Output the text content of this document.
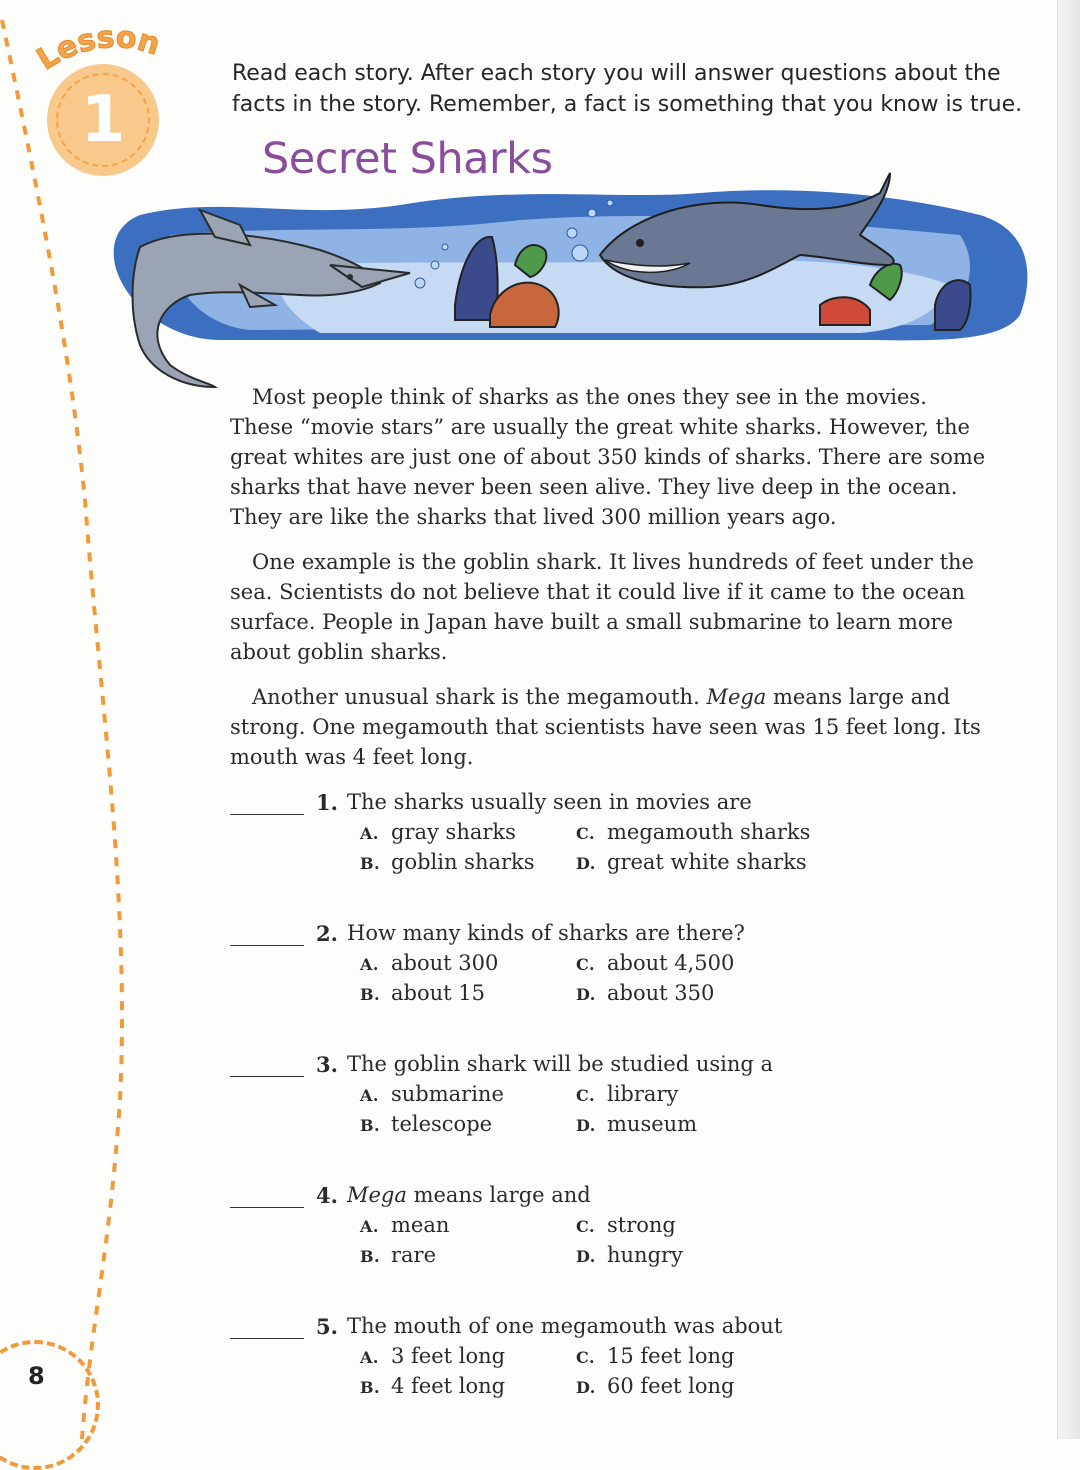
Lesson
1
Read each story. After each story you will answer questions about the facts in the story. Remember, a fact is something that you know is true.
Secret Sharks

Most people think of sharks as the ones they see in the movies. These “movie stars” are usually the great white sharks. However, the great whites are just one of about 350 kinds of sharks. There are some sharks that have never been seen alive. They live deep in the ocean. They are like the sharks that lived 300 million years ago.

One example is the goblin shark. It lives hundreds of feet under the sea. Scientists do not believe that it could live if it came to the ocean surface. People in Japan have built a small submarine to learn more about goblin sharks.

Another unusual shark is the megamouth. Mega means large and strong. One megamouth that scientists have seen was 15 feet long. Its mouth was 4 feet long.

1. The sharks usually seen in movies are
A. gray sharks
B. goblin sharks
C. megamouth sharks
D. great white sharks
2. How many kinds of sharks are there?
A. about 300
B. about 15
C. about 4,500
D. about 350
3. The goblin shark will be studied using a
A. submarine
B. telescope
C. library
D. museum
4. Mega means large and
A. mean
B. rare
C. strong
D. hungry
5. The mouth of one megamouth was about
A. 3 feet long
B. 4 feet long
C. 15 feet long
D. 60 feet long
8
